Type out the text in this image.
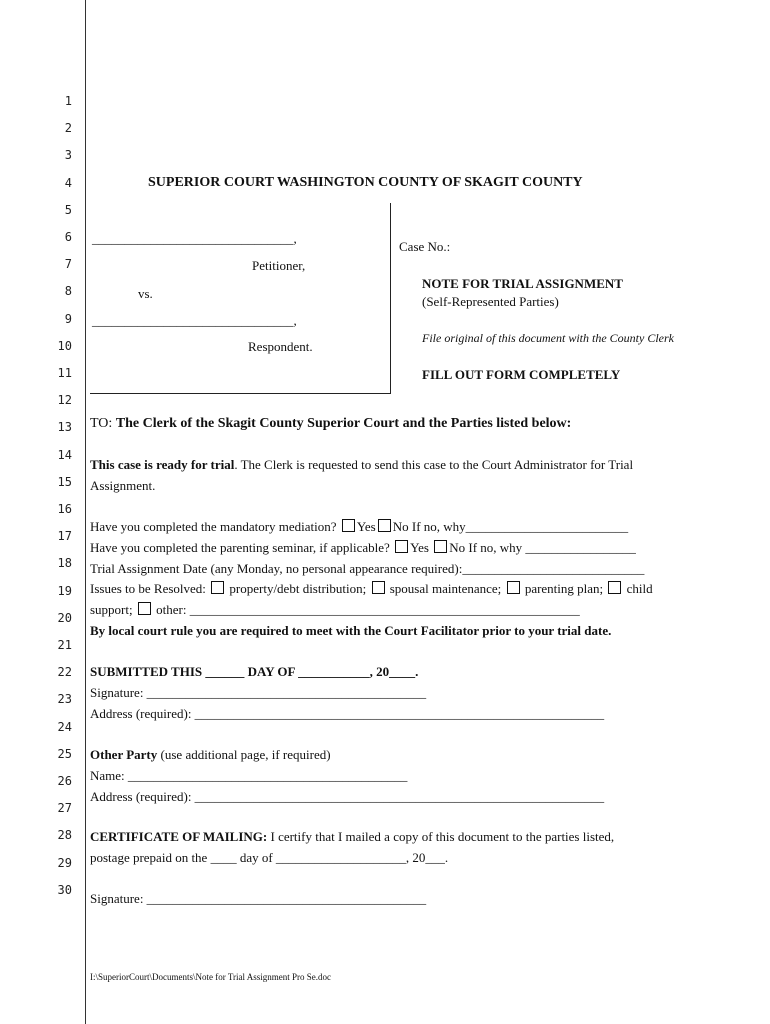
1
2
3
4
5
6
7
8
9
10
11
12
13
14
15
16
17
18
19
20
21
22
23
24
25
26
27
28
29
30
SUPERIOR COURT WASHINGTON COUNTY OF SKAGIT COUNTY
_______________________________,
Petitioner,
vs.
_______________________________,
Respondent.
Case No.:
NOTE FOR TRIAL ASSIGNMENT
(Self-Represented Parties)
File original of this document with the County Clerk
FILL OUT FORM COMPLETELY
TO: The Clerk of the Skagit County Superior Court and the Parties listed below:
This case is ready for trial. The Clerk is requested to send this case to the Court Administrator for Trial
Assignment.
Have you completed the mandatory mediation? Yes No If no, why_________________________
Have you completed the parenting seminar, if applicable? Yes No If no, why _________________
Trial Assignment Date (any Monday, no personal appearance required):____________________________
Issues to be Resolved: property/debt distribution; spousal maintenance; parenting plan; child
support; other: ____________________________________________________________
By local court rule you are required to meet with the Court Facilitator prior to your trial date.
SUBMITTED THIS ______ DAY OF ___________, 20____.
Signature: ___________________________________________
Address (required): _______________________________________________________________
Other Party (use additional page, if required)
Name: ___________________________________________
Address (required): _______________________________________________________________
CERTIFICATE OF MAILING: I certify that I mailed a copy of this document to the parties listed,
postage prepaid on the ____ day of ____________________, 20___.
Signature: ___________________________________________
I:\SuperiorCourt\Documents\Note for Trial Assignment Pro Se.doc
